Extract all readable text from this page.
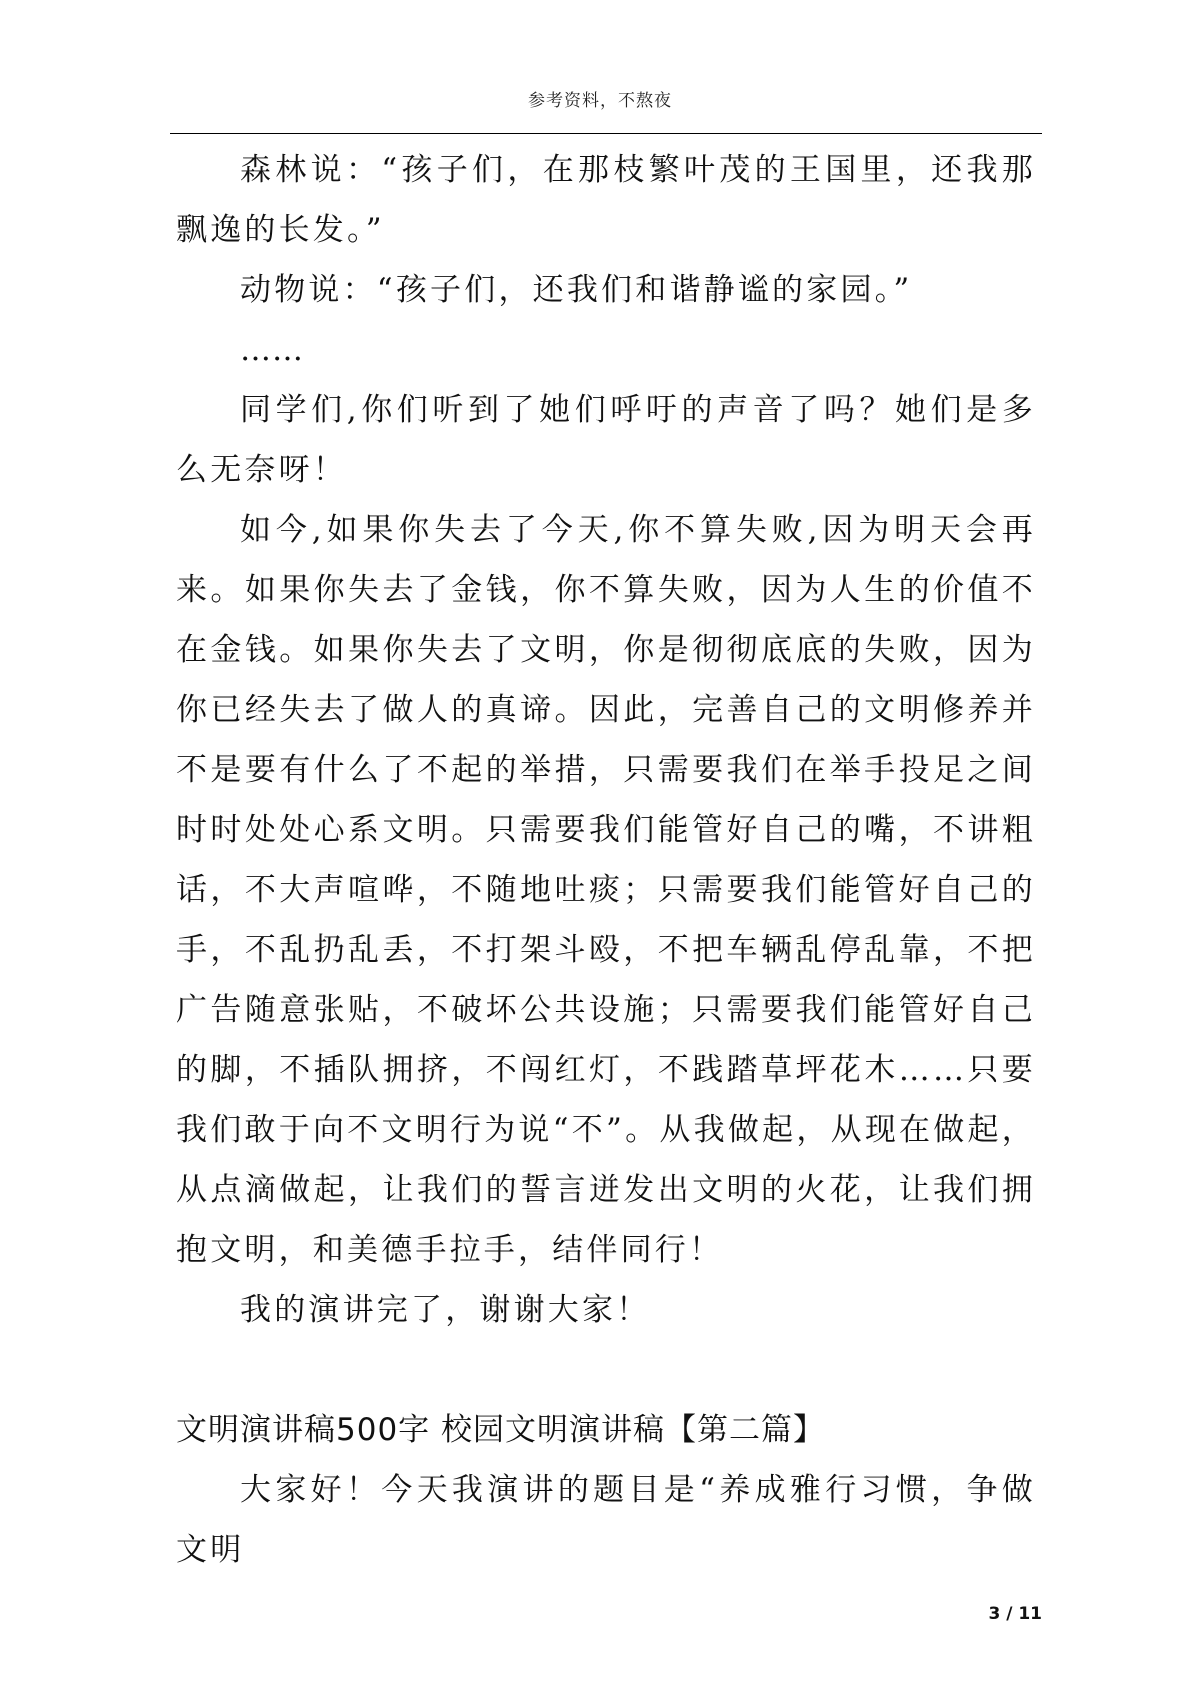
参考资料，不熬夜

森林说：“孩子们，在那枝繁叶茂的王国里，还我那飘逸的长发。”

动物说：“孩子们，还我们和谐静谧的家园。”

……

同学们,你们听到了她们呼吁的声音了吗？她们是多么无奈呀！

如今,如果你失去了今天,你不算失败,因为明天会再来。如果你失去了金钱，你不算失败，因为人生的价值不在金钱。如果你失去了文明，你是彻彻底底的失败，因为你已经失去了做人的真谛。因此，完善自己的文明修养并不是要有什么了不起的举措，只需要我们在举手投足之间时时处处心系文明。只需要我们能管好自己的嘴，不讲粗话，不大声喧哗，不随地吐痰；只需要我们能管好自己的手，不乱扔乱丢，不打架斗殴，不把车辆乱停乱靠，不把广告随意张贴，不破坏公共设施；只需要我们能管好自己的脚，不插队拥挤，不闯红灯，不践踏草坪花木……只要我们敢于向不文明行为说“不”。从我做起，从现在做起，从点滴做起，让我们的誓言迸发出文明的火花，让我们拥抱文明，和美德手拉手，结伴同行！

我的演讲完了，谢谢大家！

文明演讲稿500字 校园文明演讲稿【第二篇】

大家好！今天我演讲的题目是“养成雅行习惯，争做文明

3 / 11
